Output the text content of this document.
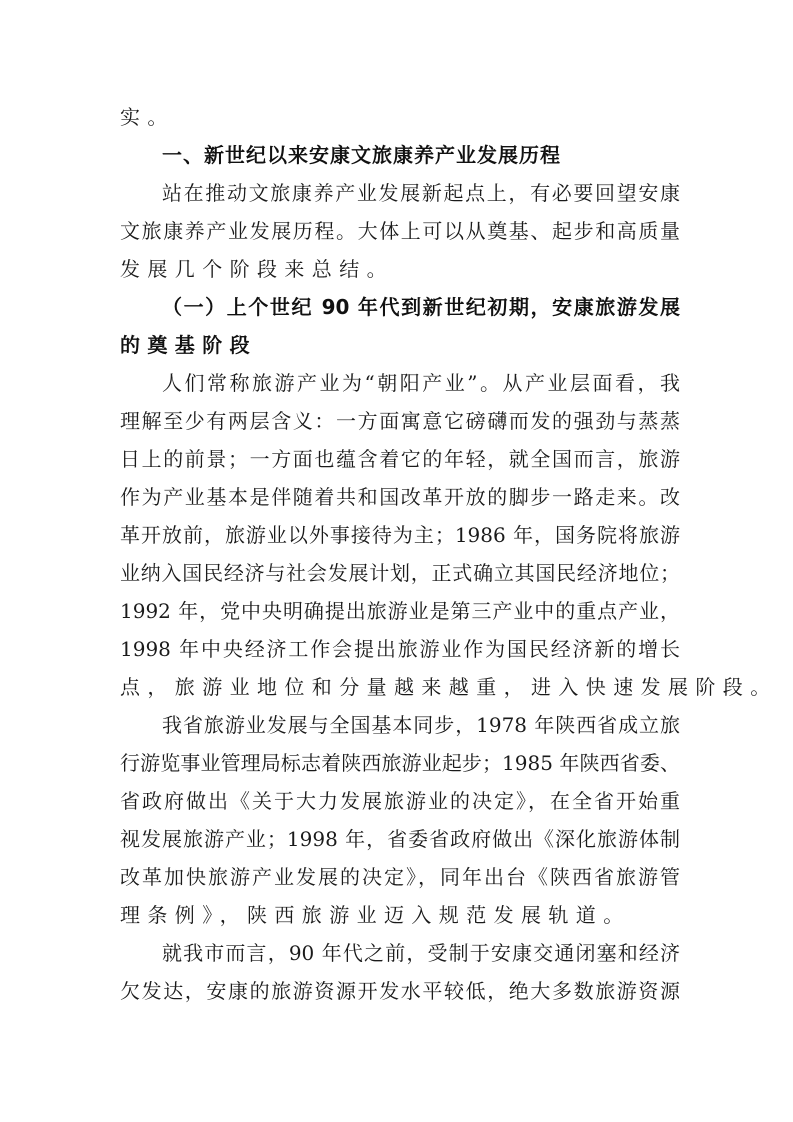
实。
一、新世纪以来安康文旅康养产业发展历程
站在推动文旅康养产业发展新起点上，有必要回望安康
文旅康养产业发展历程。大体上可以从奠基、起步和高质量
发展几个阶段来总结。
（一）上个世纪 90 年代到新世纪初期，安康旅游发展
的奠基阶段
人们常称旅游产业为“朝阳产业”。从产业层面看，我
理解至少有两层含义：一方面寓意它磅礴而发的强劲与蒸蒸
日上的前景；一方面也蕴含着它的年轻，就全国而言，旅游
作为产业基本是伴随着共和国改革开放的脚步一路走来。改
革开放前，旅游业以外事接待为主；1986 年，国务院将旅游
业纳入国民经济与社会发展计划，正式确立其国民经济地位；
1992 年，党中央明确提出旅游业是第三产业中的重点产业，
1998 年中央经济工作会提出旅游业作为国民经济新的增长
点，旅游业地位和分量越来越重，进入快速发展阶段。
我省旅游业发展与全国基本同步，1978 年陕西省成立旅
行游览事业管理局标志着陕西旅游业起步；1985 年陕西省委、
省政府做出《关于大力发展旅游业的决定》，在全省开始重
视发展旅游产业；1998 年，省委省政府做出《深化旅游体制
改革加快旅游产业发展的决定》，同年出台《陕西省旅游管
理条例》，陕西旅游业迈入规范发展轨道。
就我市而言，90 年代之前，受制于安康交通闭塞和经济
欠发达，安康的旅游资源开发水平较低，绝大多数旅游资源
